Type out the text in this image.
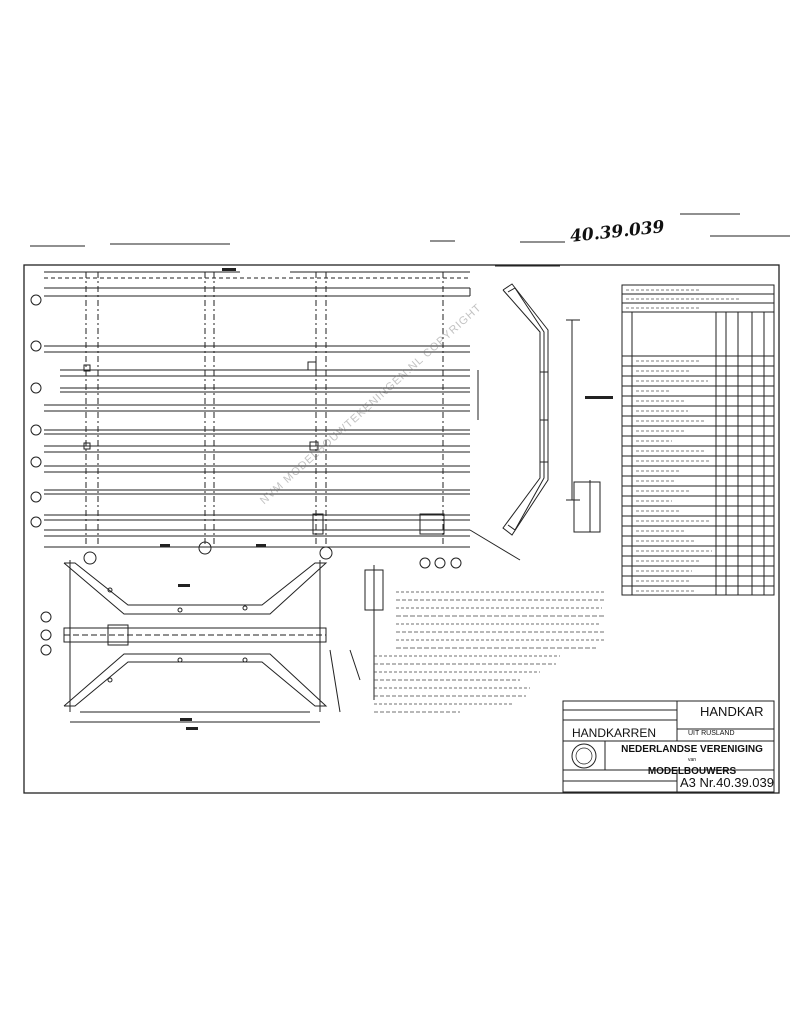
40.39.039
NVM MODELBOUWTEKENINGEN.NL COPYRIGHT
HANDKARREN
HANDKAR
UIT RUSLAND
NEDERLANDSE VERENIGING
van
MODELBOUWERS
A3 Nr.40.39.039
